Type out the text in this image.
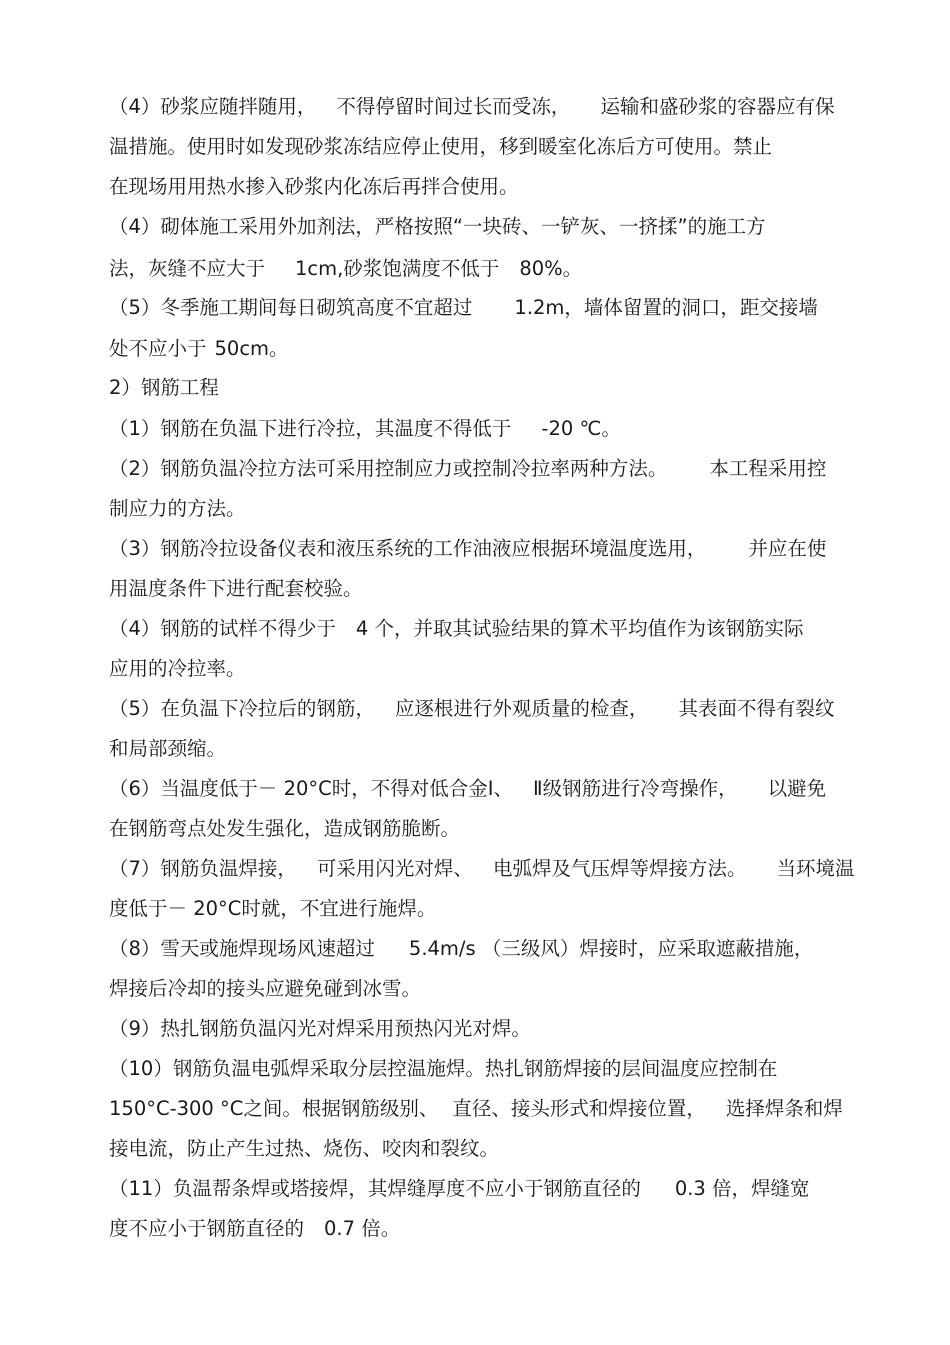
（4）砂浆应随拌随用， 不得停留时间过长而受冻， 运输和盛砂浆的容器应有保
温措施。使用时如发现砂浆冻结应停止使用，移到暖室化冻后方可使用。禁止
在现场用用热水掺入砂浆内化冻后再拌合使用。
（4）砌体施工采用外加剂法，严格按照“一块砖、一铲灰、一挤揉”的施工方
法，灰缝不应大于 1cm,砂浆饱满度不低于 80%。
（5）冬季施工期间每日砌筑高度不宜超过 1.2m，墙体留置的洞口，距交接墙
处不应小于 50cm。
2）钢筋工程
（1）钢筋在负温下进行冷拉，其温度不得低于 -20 ℃。
（2）钢筋负温冷拉方法可采用控制应力或控制冷拉率两种方法。 本工程采用控
制应力的方法。
（3）钢筋冷拉设备仪表和液压系统的工作油液应根据环境温度选用， 并应在使
用温度条件下进行配套校验。
（4）钢筋的试样不得少于 4 个，并取其试验结果的算术平均值作为该钢筋实际
应用的冷拉率。
（5）在负温下冷拉后的钢筋， 应逐根进行外观质量的检查， 其表面不得有裂纹
和局部颈缩。
（6）当温度低于－ 20°C时，不得对低合金Ⅰ、 Ⅱ级钢筋进行冷弯操作， 以避免
在钢筋弯点处发生强化，造成钢筋脆断。
（7）钢筋负温焊接， 可采用闪光对焊、 电弧焊及气压焊等焊接方法。 当环境温
度低于－ 20°C时就，不宜进行施焊。
（8）雪天或施焊现场风速超过 5.4m/s （三级风）焊接时，应采取遮蔽措施，
焊接后冷却的接头应避免碰到冰雪。
（9）热扎钢筋负温闪光对焊采用预热闪光对焊。
（10）钢筋负温电弧焊采取分层控温施焊。热扎钢筋焊接的层间温度应控制在
150°C-300 °C之间。根据钢筋级别、 直径、接头形式和焊接位置， 选择焊条和焊
接电流，防止产生过热、烧伤、咬肉和裂纹。
（11）负温帮条焊或塔接焊，其焊缝厚度不应小于钢筋直径的 0.3 倍，焊缝宽
度不应小于钢筋直径的 0.7 倍。
